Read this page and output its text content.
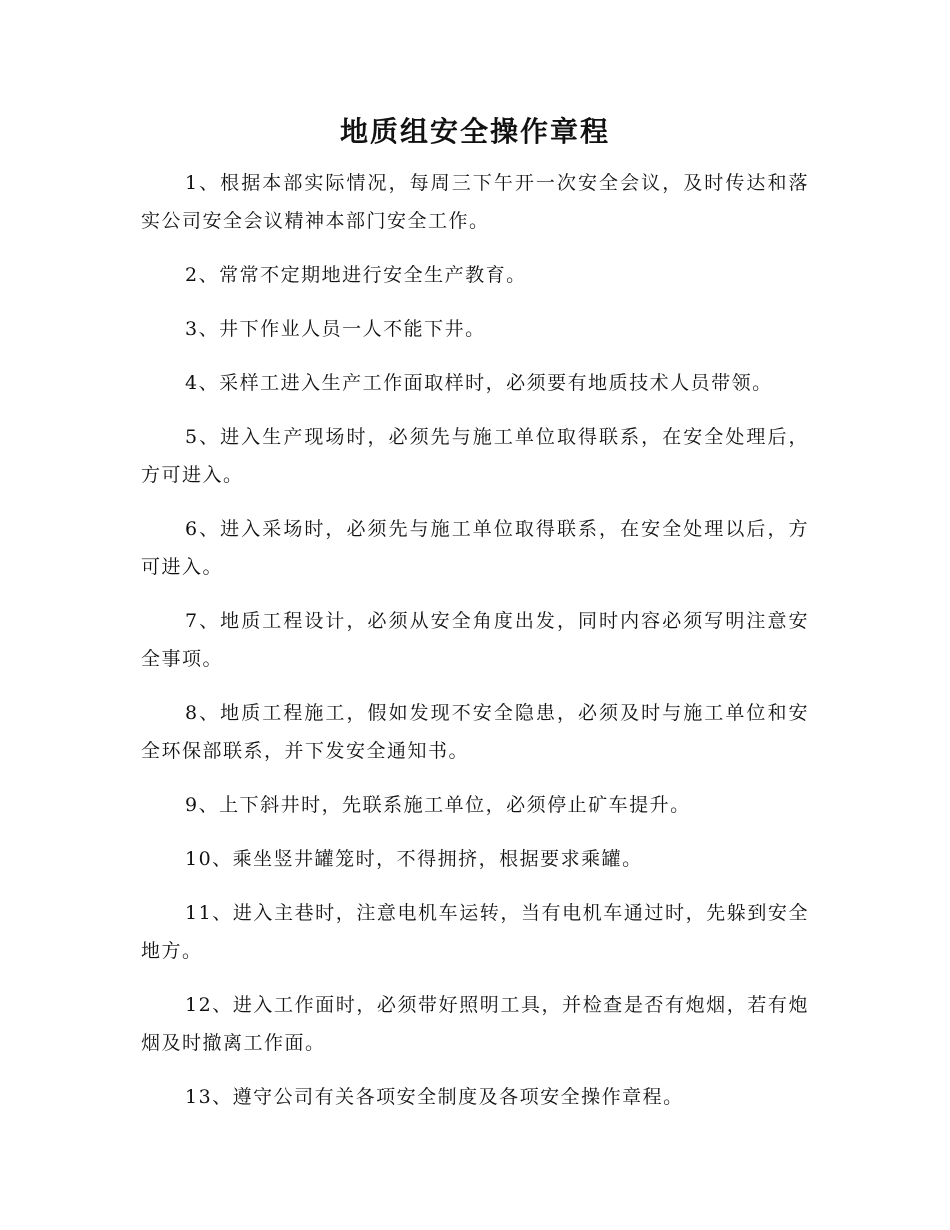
地质组安全操作章程

1、根据本部实际情况，每周三下午开一次安全会议，及时传达和落实公司安全会议精神本部门安全工作。

2、常常不定期地进行安全生产教育。

3、井下作业人员一人不能下井。

4、采样工进入生产工作面取样时，必须要有地质技术人员带领。

5、进入生产现场时，必须先与施工单位取得联系，在安全处理后，方可进入。

6、进入采场时，必须先与施工单位取得联系，在安全处理以后，方可进入。

7、地质工程设计，必须从安全角度出发，同时内容必须写明注意安全事项。

8、地质工程施工，假如发现不安全隐患，必须及时与施工单位和安全环保部联系，并下发安全通知书。

9、上下斜井时，先联系施工单位，必须停止矿车提升。

10、乘坐竖井罐笼时，不得拥挤，根据要求乘罐。

11、进入主巷时，注意电机车运转，当有电机车通过时，先躲到安全地方。

12、进入工作面时，必须带好照明工具，并检查是否有炮烟，若有炮烟及时撤离工作面。

13、遵守公司有关各项安全制度及各项安全操作章程。
